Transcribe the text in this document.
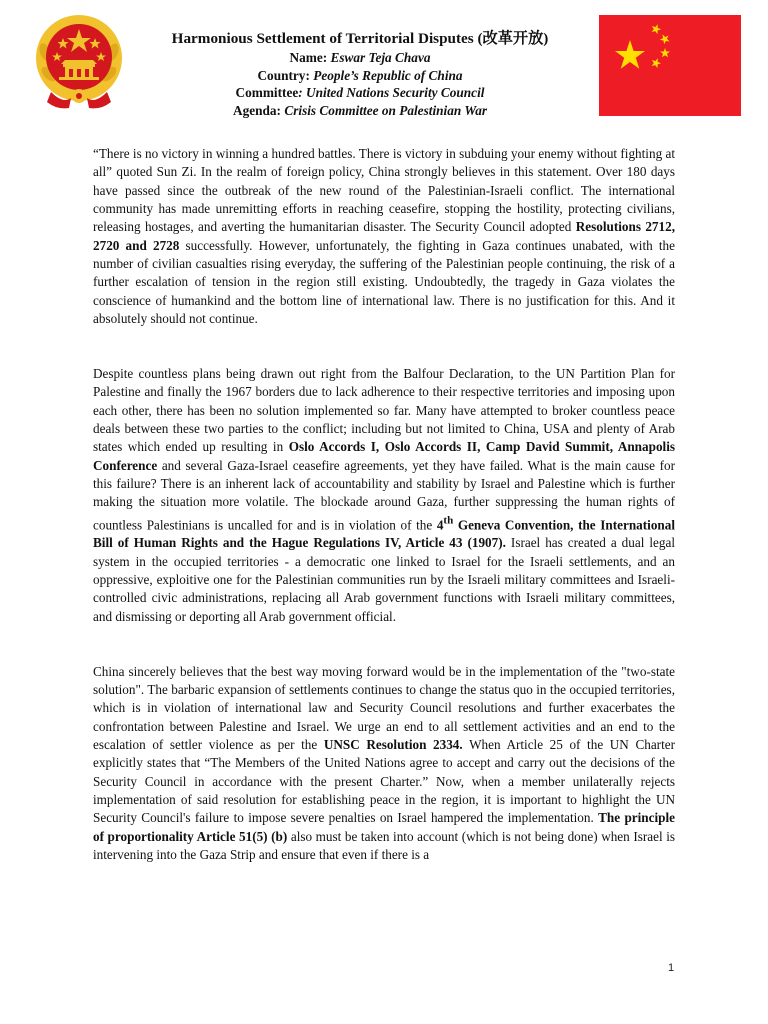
Harmonious Settlement of Territorial Disputes (改革开放)
Name: Eswar Teja Chava
Country: People’s Republic of China
Committee: United Nations Security Council
Agenda: Crisis Committee on Palestinian War

“There is no victory in winning a hundred battles. There is victory in subduing your enemy without fighting at all” quoted Sun Zi. In the realm of foreign policy, China strongly believes in this statement. Over 180 days have passed since the outbreak of the new round of the Palestinian-Israeli conflict. The international community has made unremitting efforts in reaching ceasefire, stopping the hostility, protecting civilians, releasing hostages, and averting the humanitarian disaster. The Security Council adopted Resolutions 2712, 2720 and 2728 successfully. However, unfortunately, the fighting in Gaza continues unabated, with the number of civilian casualties rising everyday, the suffering of the Palestinian people continuing, the risk of a further escalation of tension in the region still existing. Undoubtedly, the tragedy in Gaza violates the conscience of humankind and the bottom line of international law. There is no justification for this. And it absolutely should not continue.

Despite countless plans being drawn out right from the Balfour Declaration, to the UN Partition Plan for Palestine and finally the 1967 borders due to lack adherence to their respective territories and imposing upon each other, there has been no solution implemented so far. Many have attempted to broker countless peace deals between these two parties to the conflict; including but not limited to China, USA and plenty of Arab states which ended up resulting in Oslo Accords I, Oslo Accords II, Camp David Summit, Annapolis Conference and several Gaza-Israel ceasefire agreements, yet they have failed. What is the main cause for this failure? There is an inherent lack of accountability and stability by Israel and Palestine which is further making the situation more volatile. The blockade around Gaza, further suppressing the human rights of countless Palestinians is uncalled for and is in violation of the 4th Geneva Convention, the International Bill of Human Rights and the Hague Regulations IV, Article 43 (1907). Israel has created a dual legal system in the occupied territories - a democratic one linked to Israel for the Israeli settlements, and an oppressive, exploitive one for the Palestinian communities run by the Israeli military committees and Israeli-controlled civic administrations, replacing all Arab government functions with Israeli military committees, and dismissing or deporting all Arab government official.

China sincerely believes that the best way moving forward would be in the implementation of the "two-state solution". The barbaric expansion of settlements continues to change the status quo in the occupied territories, which is in violation of international law and Security Council resolutions and further exacerbates the confrontation between Palestine and Israel. We urge an end to all settlement activities and an end to the escalation of settler violence as per the UNSC Resolution 2334. When Article 25 of the UN Charter explicitly states that “The Members of the United Nations agree to accept and carry out the decisions of the Security Council in accordance with the present Charter.” Now, when a member unilaterally rejects implementation of said resolution for establishing peace in the region, it is important to highlight the UN Security Council's failure to impose severe penalties on Israel hampered the implementation. The principle of proportionality Article 51(5) (b) also must be taken into account (which is not being done) when Israel is intervening into the Gaza Strip and ensure that even if there is a

1
